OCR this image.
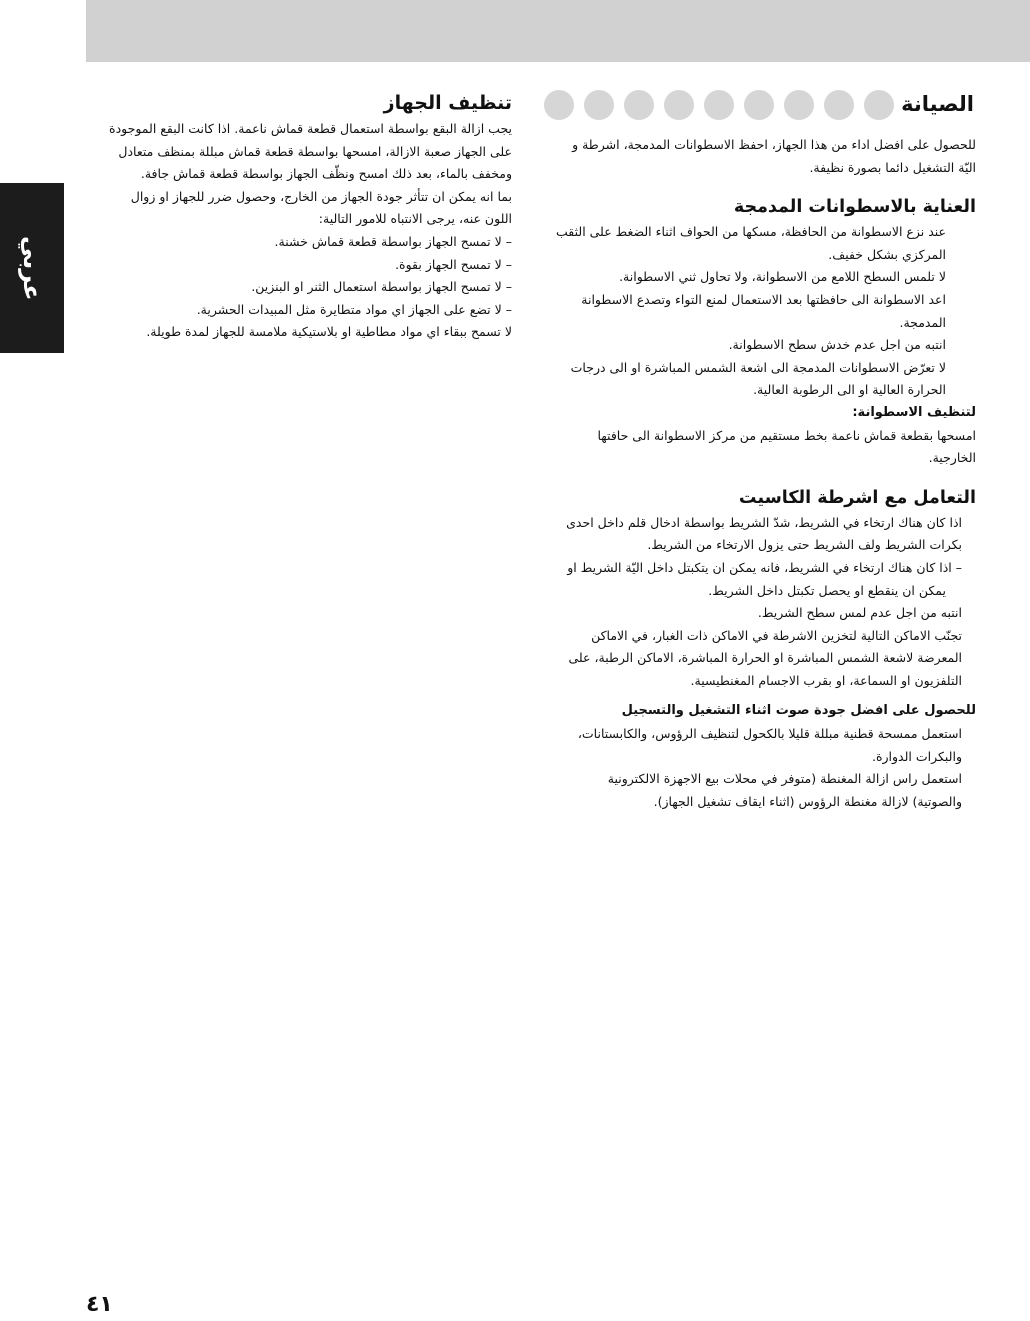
عربي
الصيانة

للحصول على افضل اداء من هذا الجهاز، احفظ الاسطوانات المدمجة، اشرطة و

اليّة التشغيل دائما بصورة نظيفة.

العناية بالاسطوانات المدمجة

عند نزع الاسطوانة من الحافظة، مسكها من الحواف اثناء الضغط على الثقب

المركزي بشكل خفيف.

لا تلمس السطح اللامع من الاسطوانة، ولا تحاول ثني الاسطوانة.

اعد الاسطوانة الى حافظتها بعد الاستعمال لمنع التواء وتصدع الاسطوانة

المدمجة.

انتبه من اجل عدم خدش سطح الاسطوانة.

لا تعرّض الاسطوانات المدمجة الى اشعة الشمس المباشرة او الى درجات

الحرارة العالية او الى الرطوبة العالية.

لتنظيف الاسطوانة:

امسحها بقطعة قماش ناعمة بخط مستقيم من مركز الاسطوانة الى حافتها

الخارجية.

التعامل مع اشرطة الكاسيت

اذا كان هناك ارتخاء في الشريط، شدّ الشريط بواسطة ادخال قلم داخل احدى

بكرات الشريط ولف الشريط حتى يزول الارتخاء من الشريط.

– اذا كان هناك ارتخاء في الشريط، فانه يمكن ان يتكبتل داخل اليّة الشريط او

يمكن ان ينقطع او يحصل تكبتل داخل الشريط.

انتبه من اجل عدم لمس سطح الشريط.

تجنّب الاماكن التالية لتخزين الاشرطة في الاماكن ذات الغبار، في الاماكن

المعرضة لاشعة الشمس المباشرة او الحرارة المباشرة، الاماكن الرطبة، على

التلفزيون او السماعة، او بقرب الاجسام المغنطيسية.

للحصول على افضل جودة صوت اثناء التشغيل والتسجيل

استعمل ممسحة قطنية مبللة قليلا بالكحول لتنظيف الرؤوس، والكابستانات،

والبكرات الدوارة.

استعمل راس ازالة المغنطة (متوفر في محلات بيع الاجهزة الالكترونية

والصوتية) لازالة مغنطة الرؤوس (اثناء ايقاف تشغيل الجهاز).

تنظيف الجهاز

يجب ازالة البقع بواسطة استعمال قطعة قماش ناعمة. اذا كانت البقع الموجودة

على الجهاز صعبة الازالة، امسحها بواسطة قطعة قماش مبللة بمنظف متعادل

ومخفف بالماء، بعد ذلك امسح ونظّف الجهاز بواسطة قطعة قماش جافة.

بما انه يمكن ان تتأثر جودة الجهاز من الخارج، وحصول ضرر للجهاز او زوال

اللون عنه، يرجى الانتباه للامور التالية:

– لا تمسح الجهاز بواسطة قطعة قماش خشنة.

– لا تمسح الجهاز بقوة.

– لا تمسح الجهاز بواسطة استعمال الثنر او البنزين.

– لا تضع على الجهاز اي مواد متطايرة مثل المبيدات الحشرية.

لا تسمح ببقاء اي مواد مطاطية او بلاستيكية ملامسة للجهاز لمدة طويلة.

٤١
